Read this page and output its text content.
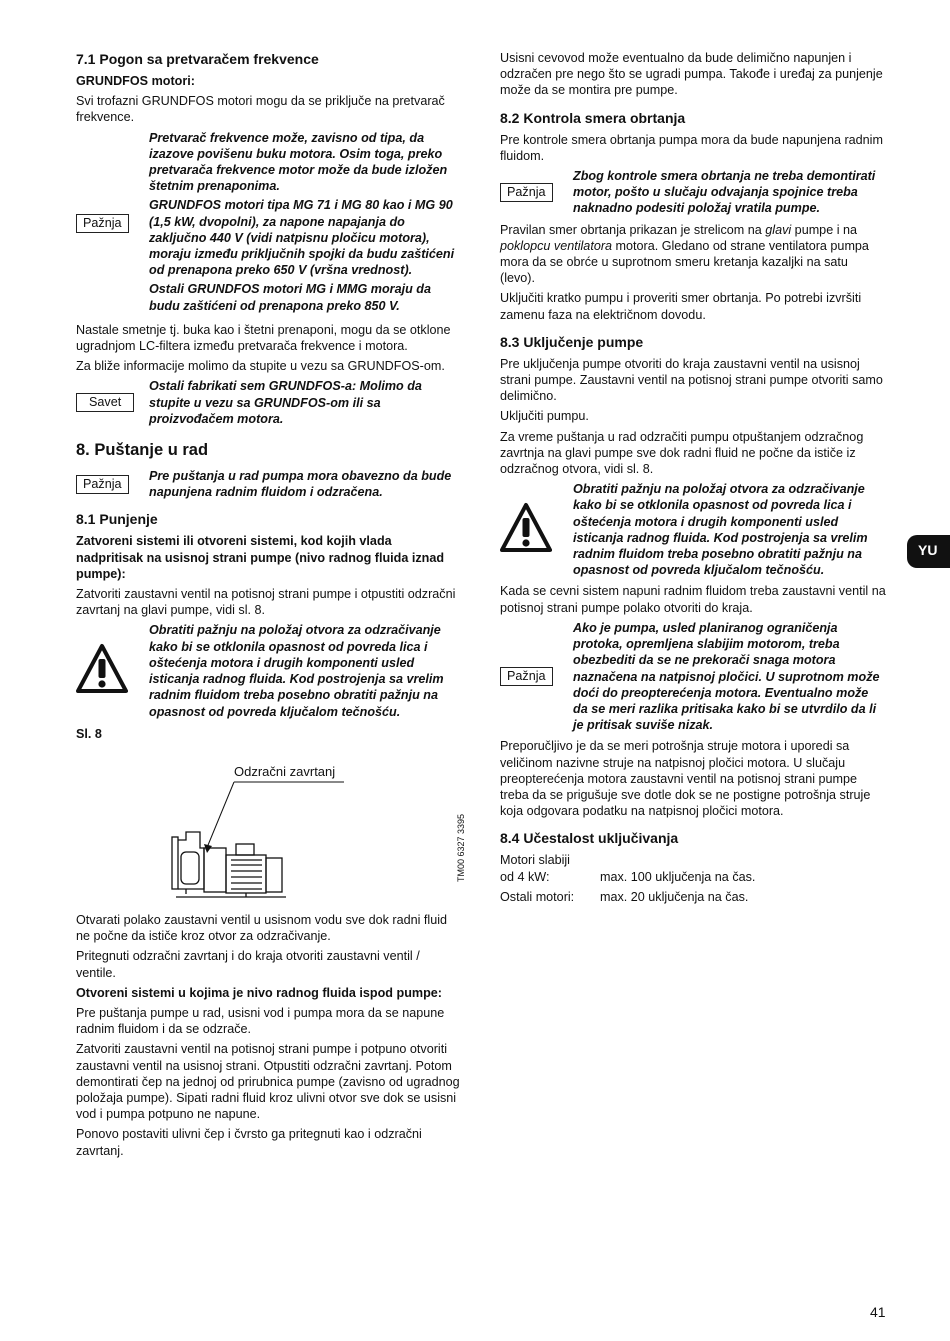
7.1 Pogon sa pretvaračem frekvence

GRUNDFOS motori:

Svi trofazni GRUNDFOS motori mogu da se priključe na pretvarač frekvence.

Pažnja

Pretvarač frekvence može, zavisno od tipa, da izazove povišenu buku motora. Osim toga, preko pretvarača frekvence motor može da bude izložen štetnim prenaponima.

GRUNDFOS motori tipa MG 71 i MG 80 kao i MG 90 (1,5 kW, dvopolni), za napone napajanja do zaključno 440 V (vidi natpisnu pločicu motora), moraju između priključnih spojki da budu zaštićeni od prenapona preko 650 V (vršna vrednost).

Ostali GRUNDFOS motori MG i MMG moraju da budu zaštićeni od prenapona preko 850 V.

Nastale smetnje tj. buka kao i štetni prenaponi, mogu da se otklone ugradnjom LC-filtera između pretvarača frekvence i motora.

Za bliže informacije molimo da stupite u vezu sa GRUNDFOS-om.

Savet
Ostali fabrikati sem GRUNDFOS-a: Molimo da stupite u vezu sa GRUNDFOS-om ili sa proizvođačem motora.
8. Puštanje u rad
Pažnja
Pre puštanja u rad pumpa mora obavezno da bude napunjena radnim fluidom i odzračena.
8.1 Punjenje

Zatvoreni sistemi ili otvoreni sistemi, kod kojih vlada nadpritisak na usisnoj strani pumpe (nivo radnog fluida iznad pumpe):

Zatvoriti zaustavni ventil na potisnoj strani pumpe i otpustiti odzračni zavrtanj na glavi pumpe, vidi sl. 8.

Obratiti pažnju na položaj otvora za odzračivanje kako bi se otklonila opasnost od povreda lica i oštećenja motora i drugih komponenti usled isticanja radnog fluida. Kod postrojenja sa vrelim radnim fluidom treba posebno obratiti pažnju na opasnost od povreda ključalom tečnošću.

Sl. 8

Odzračni zavrtanj
TM00 6327 3395

Otvarati polako zaustavni ventil u usisnom vodu sve dok radni fluid ne počne da ističe kroz otvor za odzračivanje.

Pritegnuti odzračni zavrtanj i do kraja otvoriti zaustavni ventil / ventile.

Otvoreni sistemi u kojima je nivo radnog fluida ispod pumpe:

Pre puštanja pumpe u rad, usisni vod i pumpa mora da se napune radnim fluidom i da se odzrače.

Zatvoriti zaustavni ventil na potisnoj strani pumpe i potpuno otvoriti zaustavni ventil na usisnoj strani. Otpustiti odzračni zavrtanj. Potom demontirati čep na jednoj od prirubnica pumpe (zavisno od ugradnog položaja pumpe). Sipati radni fluid kroz ulivni otvor sve dok se usisni vod i pumpa potpuno ne napune.

Ponovo postaviti ulivni čep i čvrsto ga pritegnuti kao i odzračni zavrtanj.

Usisni cevovod može eventualno da bude delimično napunjen i odzračen pre nego što se ugradi pumpa. Takođe i uređaj za punjenje može da se montira pre pumpe.

8.2 Kontrola smera obrtanja

Pre kontrole smera obrtanja pumpa mora da bude napunjena radnim fluidom.

Pažnja
Zbog kontrole smera obrtanja ne treba demontirati motor, pošto u slučaju odvajanja spojnice treba naknadno podesiti položaj vratila pumpe.

Pravilan smer obrtanja prikazan je strelicom na glavi pumpe i na poklopcu ventilatora motora. Gledano od strane ventilatora pumpa mora da se obrće u suprotnom smeru kretanja kazaljki na satu (levo).

Uključiti kratko pumpu i proveriti smer obrtanja. Po potrebi izvršiti zamenu faza na električnom dovodu.

8.3 Uključenje pumpe

Pre uključenja pumpe otvoriti do kraja zaustavni ventil na usisnoj strani pumpe. Zaustavni ventil na potisnoj strani pumpe otvoriti samo delimično.

Uključiti pumpu.

Za vreme puštanja u rad odzračiti pumpu otpuštanjem odzračnog zavrtnja na glavi pumpe sve dok radni fluid ne počne da ističe iz odzračnog otvora, vidi sl. 8.

Obratiti pažnju na položaj otvora za odzračivanje kako bi se otklonila opasnost od povreda lica i oštećenja motora i drugih komponenti usled isticanja radnog fluida. Kod postrojenja sa vrelim radnim fluidom treba posebno obratiti pažnju na opasnost od povreda ključalom tečnošću.

Kada se cevni sistem napuni radnim fluidom treba zaustavni ventil na potisnoj strani pumpe polako otvoriti do kraja.

Pažnja
Ako je pumpa, usled planiranog ograničenja protoka, opremljena slabijim motorom, treba obezbediti da se ne prekorači snaga motora naznačena na natpisnoj pločici. U suprotnom može doći do preopterećenja motora. Eventualno može da se meri razlika pritisaka kako bi se utvrdilo da li je pritisak suviše nizak.

Preporučljivo je da se meri potrošnja struje motora i uporedi sa veličinom nazivne struje na natpisnoj pločici motora. U slučaju preopterećenja motora zaustavni ventil na potisnoj strani pumpe treba da se prigušuje sve dotle dok se ne postigne potrošnja struje koja odgovara podatku na natpisnoj pločici motora.

8.4 Učestalost uključivanja
Motori slabiji
od 4 kW:	max. 100 uključenja na čas.
Ostali motori:	max. 20 uključenja na čas.
YU
41
